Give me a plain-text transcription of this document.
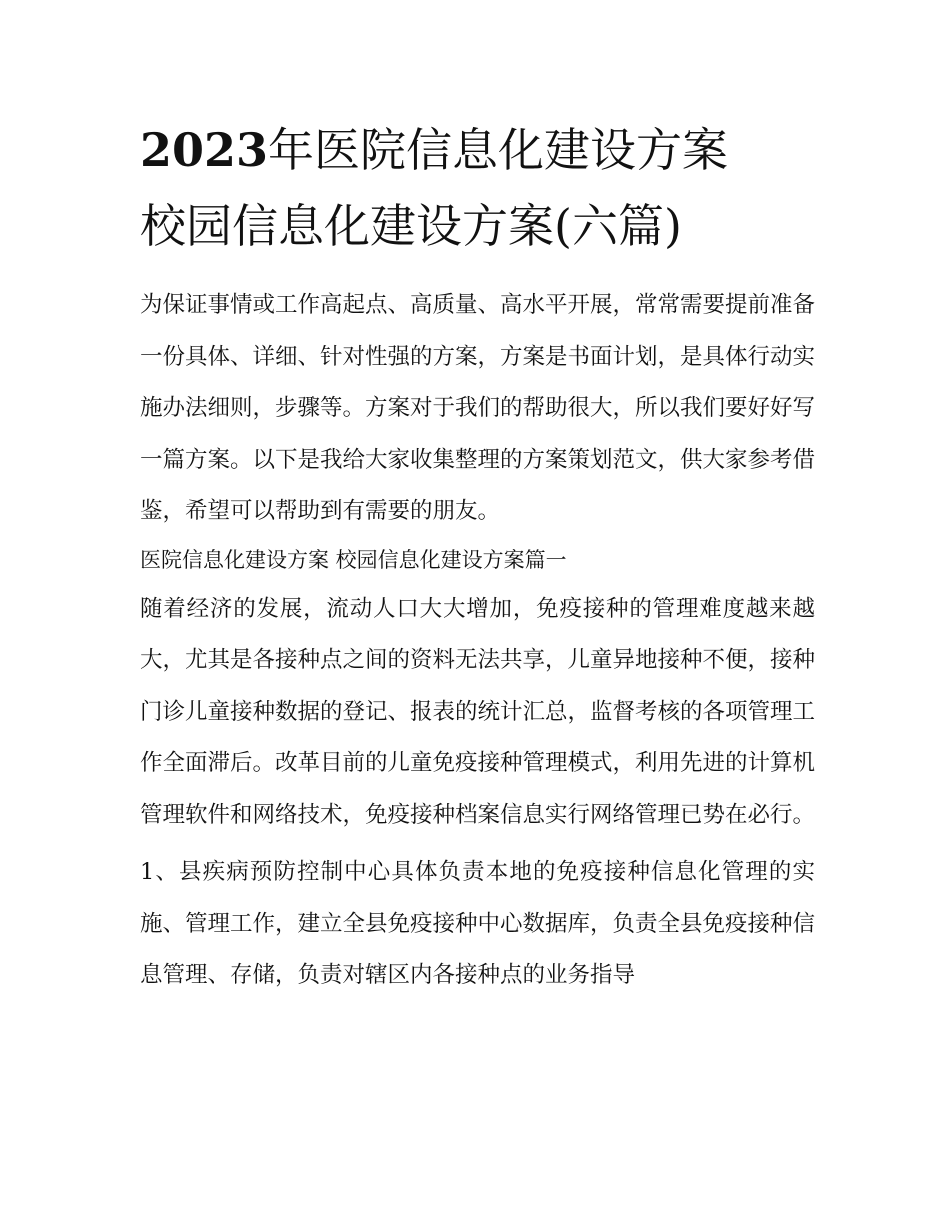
2023年医院信息化建设方案
校园信息化建设方案(六篇)

为保证事情或工作高起点、高质量、高水平开展，常常需要提前准备一份具体、详细、针对性强的方案，方案是书面计划，是具体行动实施办法细则，步骤等。方案对于我们的帮助很大，所以我们要好好写一篇方案。以下是我给大家收集整理的方案策划范文，供大家参考借鉴，希望可以帮助到有需要的朋友。

医院信息化建设方案 校园信息化建设方案篇一

随着经济的发展，流动人口大大增加，免疫接种的管理难度越来越大，尤其是各接种点之间的资料无法共享，儿童异地接种不便，接种门诊儿童接种数据的登记、报表的统计汇总，监督考核的各项管理工作全面滞后。改革目前的儿童免疫接种管理模式，利用先进的计算机管理软件和网络技术，免疫接种档案信息实行网络管理已势在必行。

1、县疾病预防控制中心具体负责本地的免疫接种信息化管理的实施、管理工作，建立全县免疫接种中心数据库，负责全县免疫接种信息管理、存储，负责对辖区内各接种点的业务指导
